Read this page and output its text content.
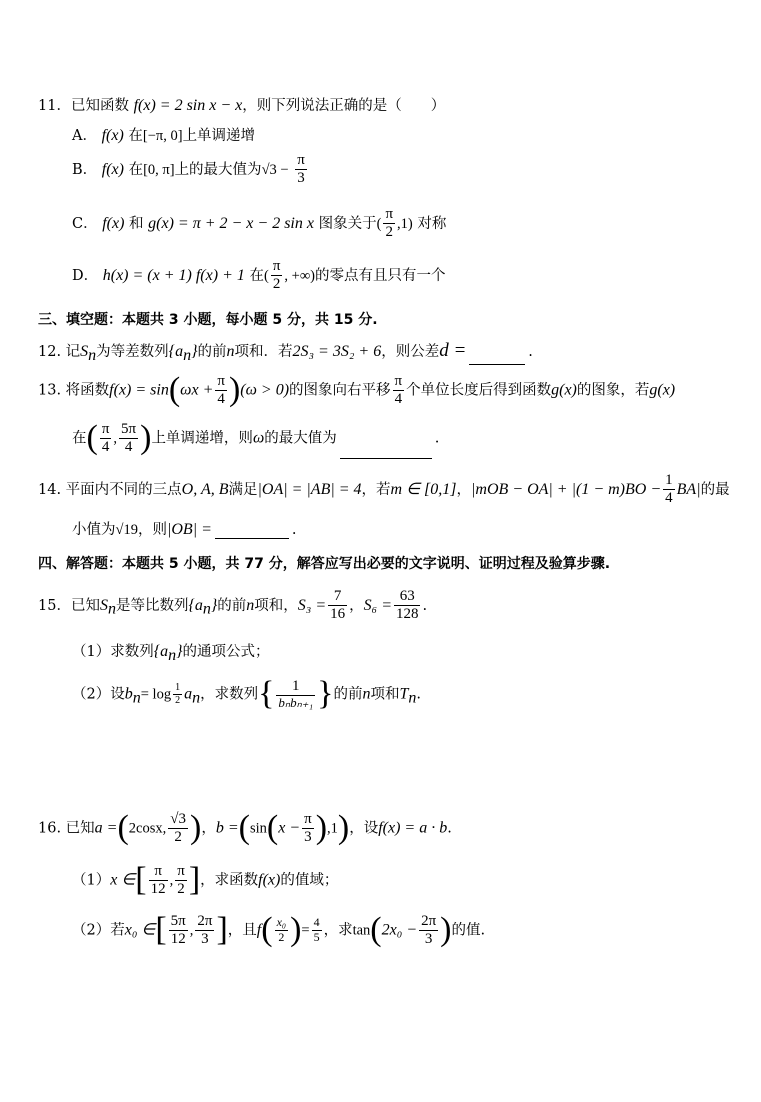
11．已知函数 f(x) = 2 sin x − x，则下列说法正确的是（　　）
A． f(x) 在[−π, 0]上单调递增
B． f(x) 在[0, π]上的最大值为$√3 - \frac{\pi}{3}$
C． f(x) 和 g(x) = π + 2 − x − 2 sin x 图象关于( $\frac{\pi}{2} ,1$) 对称
D． h(x) = (x + 1) f(x) + 1 在( $\frac{\pi}{2}$ , +∞)的零点有且只有一个
三、填空题：本题共 3 小题，每小题 5 分，共 15 分.
12. 记$S_n$为等差数列$\{a_n\}$的前n项和．若2S₃ = 3S₂ + 6，则公差d =	.
13. 将函数$f(x) = \sin(\omega x + \frac{\pi}{4} )(\omega > 0)$的图象向右平移 $\frac{\pi}{4}$ 个单位长度后得到函数g(x)的图象，若g(x)
在( $\frac{\pi}{4}$ , $\frac{5\pi}{4}$ )上单调递增，则ω的最大值为	.
14. 平面内不同的三点O, A, B满足|OA| = |AB| = 4，若m ∈ [0,1]，$|mOB - OA| + |(1 - m)BO - \frac{1}{4} BA|$的最
小值为√19，则|OB| =	.
四、解答题：本题共 5 小题，共 77 分，解答应写出必要的文字说明、证明过程及验算步骤.
15．已知$S_n$是等比数列$\{a_n\}$的前n项和，$S_3 = \frac{7}{16}$ ，$S_6 = \frac{63}{128}$ .
（1）求数列$\{a_n\}$的通项公式；
（2）设$b_n= \log \frac{1}{2} a_n$，求数列{ $\frac{1}{\text{bₙbₙ₊₁}}$ }的前n项和$T_n$.
16. 已知a =(2cosx, $\frac{√3}{2}$ )，$b =(\sin(x - \frac{\pi}{3} ),1)$，设f(x) = a · b.
（1）x ∈[ $\frac{\pi}{12}$ , $\frac{\pi}{2}$ ]，求函数f(x)的值域；
（2）若x₀ ∈[ $\frac{5\pi}{12}$ , $\frac{2\pi}{3}$ ]，且$f( \frac{\text{x₀}}{2}$ )= $\frac{4}{5}$ ，求$\tan(2x_0 - \frac{2\pi}{3}$ )的值.
